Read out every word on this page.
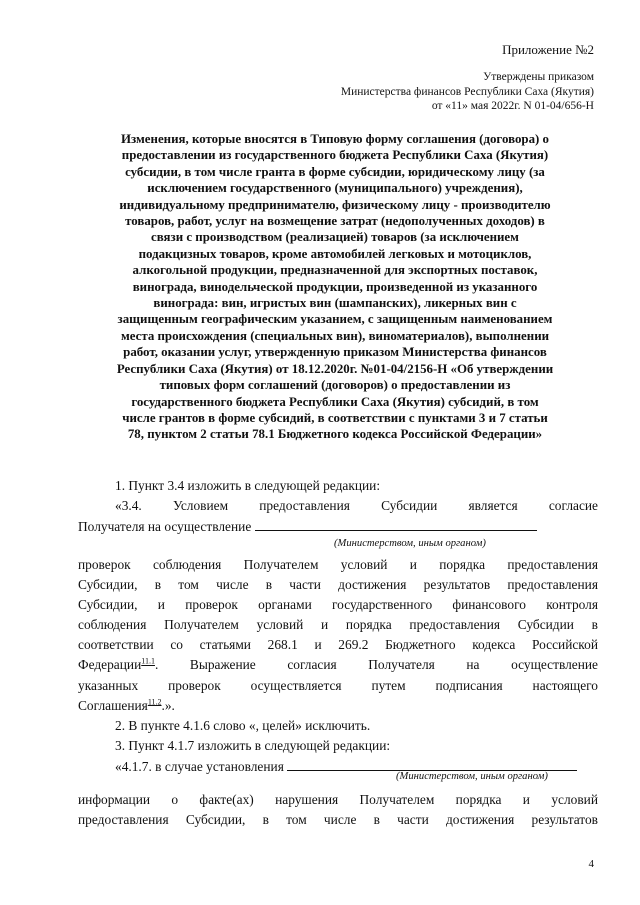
Приложение №2
Утверждены приказом
Министерства финансов Республики Саха (Якутия)
от «11» мая 2022г. N 01-04/656-Н
Изменения, которые вносятся в Типовую форму соглашения (договора) о
предоставлении из государственного бюджета Республики Саха (Якутия)
субсидии, в том числе гранта в форме субсидии, юридическому лицу (за
исключением государственного (муниципального) учреждения),
индивидуальному предпринимателю, физическому лицу - производителю
товаров, работ, услуг на возмещение затрат (недополученных доходов) в
связи с производством (реализацией) товаров (за исключением
подакцизных товаров, кроме автомобилей легковых и мотоциклов,
алкогольной продукции, предназначенной для экспортных поставок,
винограда, винодельческой продукции, произведенной из указанного
винограда: вин, игристых вин (шампанских), ликерных вин с
защищенным географическим указанием, с защищенным наименованием
места происхождения (специальных вин), виноматериалов), выполнении
работ, оказании услуг, утвержденную приказом Министерства финансов
Республики Саха (Якутия) от 18.12.2020г. №01-04/2156-Н «Об утверждении
типовых форм соглашений (договоров) о предоставлении из
государственного бюджета Республики Саха (Якутия) субсидий, в том
числе грантов в форме субсидий, в соответствии с пунктами 3 и 7 статьи
78, пунктом 2 статьи 78.1 Бюджетного кодекса Российской Федерации»
1. Пункт 3.4 изложить в следующей редакции:
«3.4. Условием предоставления Субсидии является согласие
Получателя на осуществление
(Министерством, иным органом)
проверок соблюдения Получателем условий и порядка предоставления
Субсидии, в том числе в части достижения результатов предоставления
Субсидии, и проверок органами государственного финансового контроля
соблюдения Получателем условий и порядка предоставления Субсидии в
соответствии со статьями 268.1 и 269.2 Бюджетного кодекса Российской
Федерации$^{11.1}$. Выражение согласия Получателя на осуществление
указанных проверок осуществляется путем подписания настоящего
Соглашения$^{11.2}$.».
2. В пункте 4.1.6 слово «, целей» исключить.
3. Пункт 4.1.7 изложить в следующей редакции:
«4.1.7. в случае установления
(Министерством, иным органом)
информации о факте(ах) нарушения Получателем порядка и условий
предоставления Субсидии, в том числе в части достижения результатов
4
